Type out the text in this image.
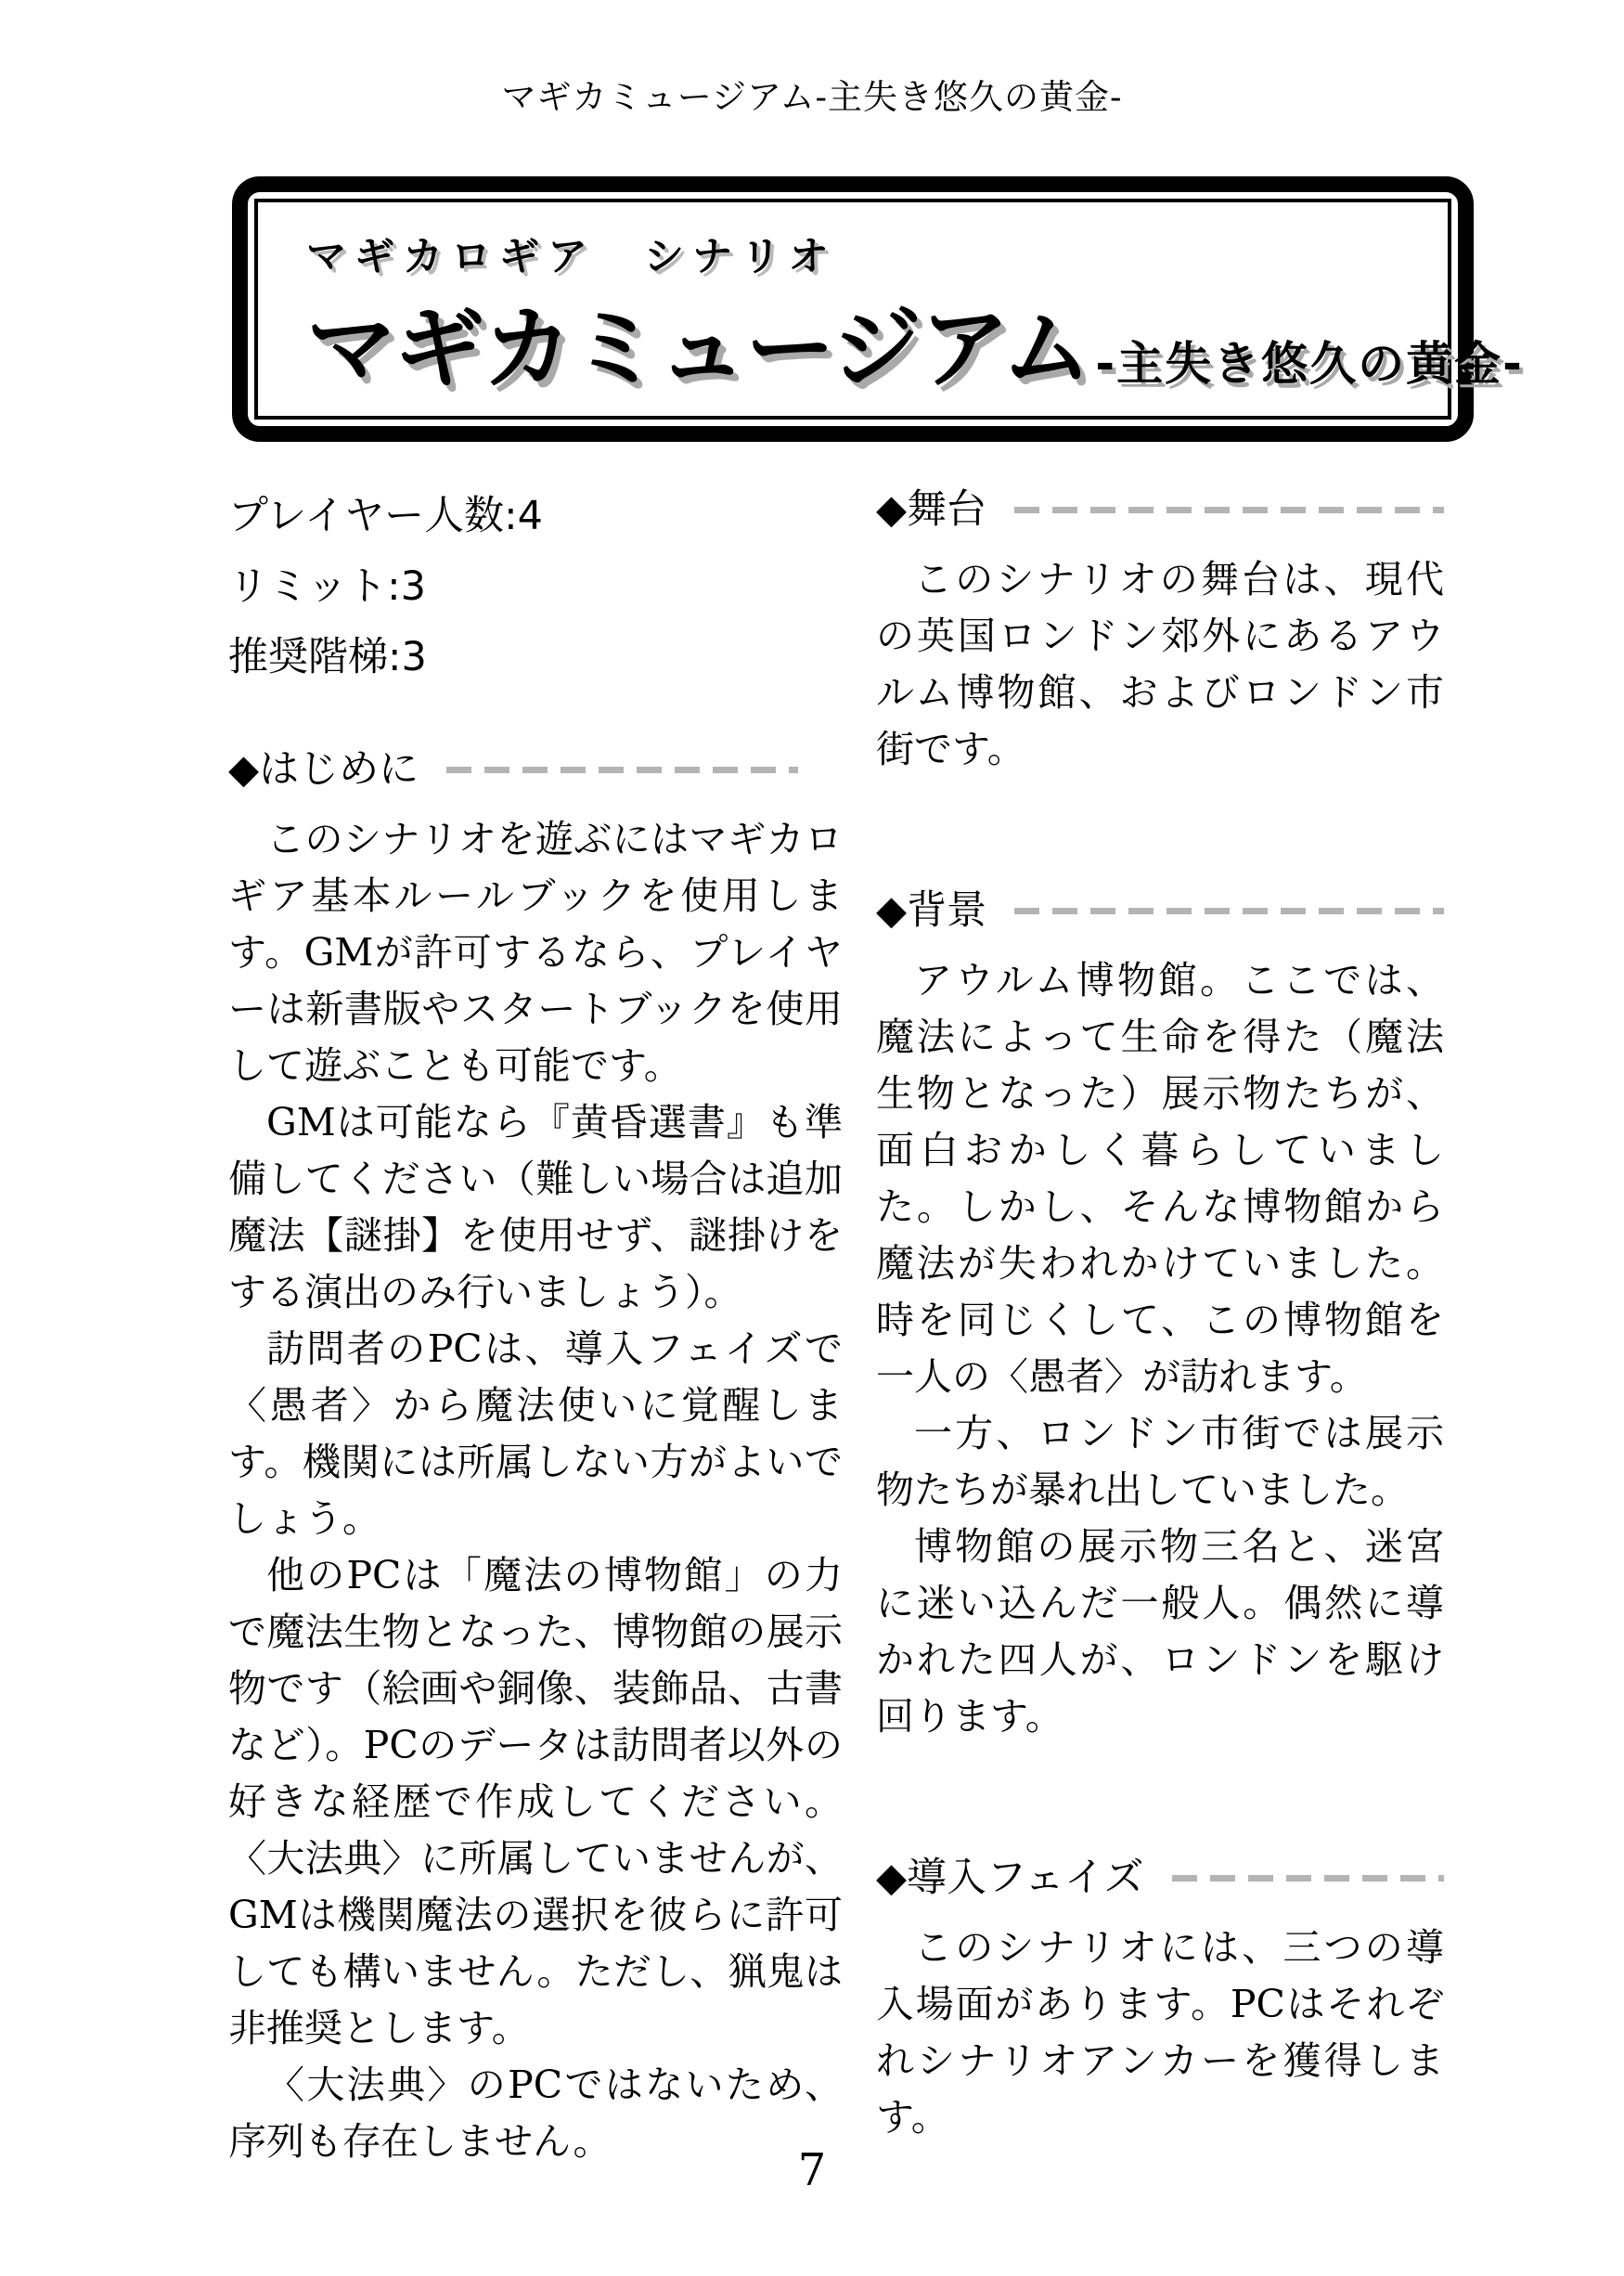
マギカミュージアム-主失き悠久の黄金-
マギカロギア　シナリオ
マギカミュージアム -主失き悠久の黄金-
プレイヤー人数:4
リミット:3
推奨階梯:3
◆はじめに

このシナリオを遊ぶにはマギカロギア基本ルールブックを使用します。GMが許可するなら、プレイヤーは新書版やスタートブックを使用して遊ぶことも可能です。

GMは可能なら『黄昏選書』も準備してください（難しい場合は追加魔法【謎掛】を使用せず、謎掛けをする演出のみ行いましょう）。

訪問者のPCは、導入フェイズで〈愚者〉から魔法使いに覚醒します。機関には所属しない方がよいでしょう。

他のPCは「魔法の博物館」の力で魔法生物となった、博物館の展示物です（絵画や銅像、装飾品、古書など）。PCのデータは訪問者以外の好きな経歴で作成してください。〈大法典〉に所属していませんが、GMは機関魔法の選択を彼らに許可しても構いません。ただし、猟鬼は非推奨とします。

〈大法典〉のPCではないため、序列も存在しません。

◆舞台

このシナリオの舞台は、現代の英国ロンドン郊外にあるアウルム博物館、およびロンドン市街です。

◆背景

アウルム博物館。ここでは、魔法によって生命を得た（魔法生物となった）展示物たちが、面白おかしく暮らしていました。しかし、そんな博物館から魔法が失われかけていました。時を同じくして、この博物館を一人の〈愚者〉が訪れます。

一方、ロンドン市街では展示物たちが暴れ出していました。

博物館の展示物三名と、迷宮に迷い込んだ一般人。偶然に導かれた四人が、ロンドンを駆け回ります。

◆導入フェイズ

このシナリオには、三つの導入場面があります。PCはそれぞれシナリオアンカーを獲得します。

7
